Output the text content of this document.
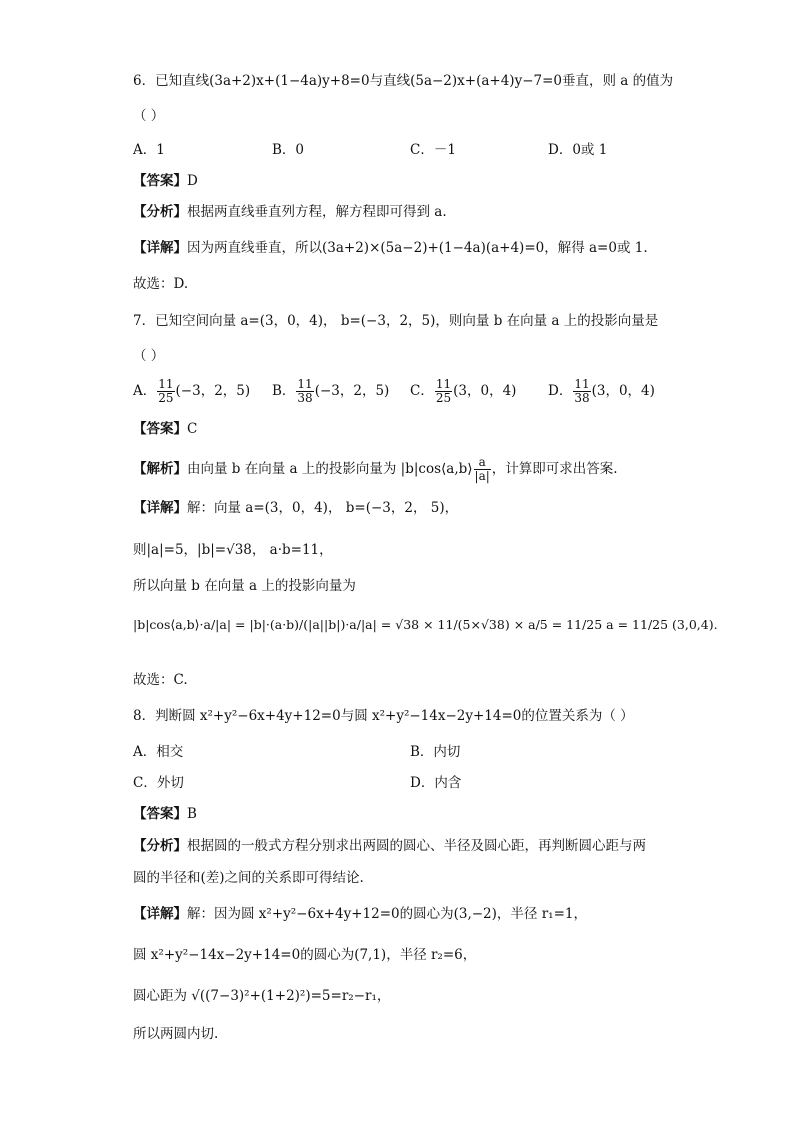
6．已知直线(3a+2)x+(1−4a)y+8=0与直线(5a−2)x+(a+4)y−7=0垂直，则 a 的值为
（ ）
A．1	B．0	C．－1	D．0或 1
【答案】D
【分析】根据两直线垂直列方程，解方程即可得到 a.
【详解】因为两直线垂直，所以(3a+2)×(5a−2)+(1−4a)(a+4)=0，解得 a=0或 1.
故选：D.
7．已知空间向量 a=(3，0，4)， b=(−3，2，5)，则向量 b 在向量 a 上的投影向量是
（ ）
A． $\frac{11}{25} (-3$，2，5) B． $\frac{11}{38} (-3$，2，5) C． $\frac{11}{25} (3$，0，4) D． $\frac{11}{38} (3$，0，4)
【答案】C
【解析】由向量 b 在向量 a 上的投影向量为 |b|cos⟨a,b⟩ $\frac{a}{|a|}$ ，计算即可求出答案.
【详解】解：向量 a=(3，0，4)， b=(−3，2， 5)，
则|a|=5，|b|=√38， a·b=11，
所以向量 b 在向量 a 上的投影向量为
|b|cos⟨a,b⟩·a/|a| = |b|·(a·b)/(|a||b|)·a/|a| = √38 × 11/(5×√38) × a/5 = 11/25 a = 11/25 (3,0,4).
故选：C.
8．判断圆 x²+y²−6x+4y+12=0与圆 x²+y²−14x−2y+14=0的位置关系为（ ）
A．相交	B．内切
C．外切	D．内含
【答案】B
【分析】根据圆的一般式方程分别求出两圆的圆心、半径及圆心距，再判断圆心距与两
圆的半径和(差)之间的关系即可得结论.
【详解】解：因为圆 x²+y²−6x+4y+12=0的圆心为(3,−2)，半径 r₁=1，
圆 x²+y²−14x−2y+14=0的圆心为(7,1)，半径 r₂=6，
圆心距为 √((7−3)²+(1+2)²)=5=r₂−r₁，
所以两圆内切.
